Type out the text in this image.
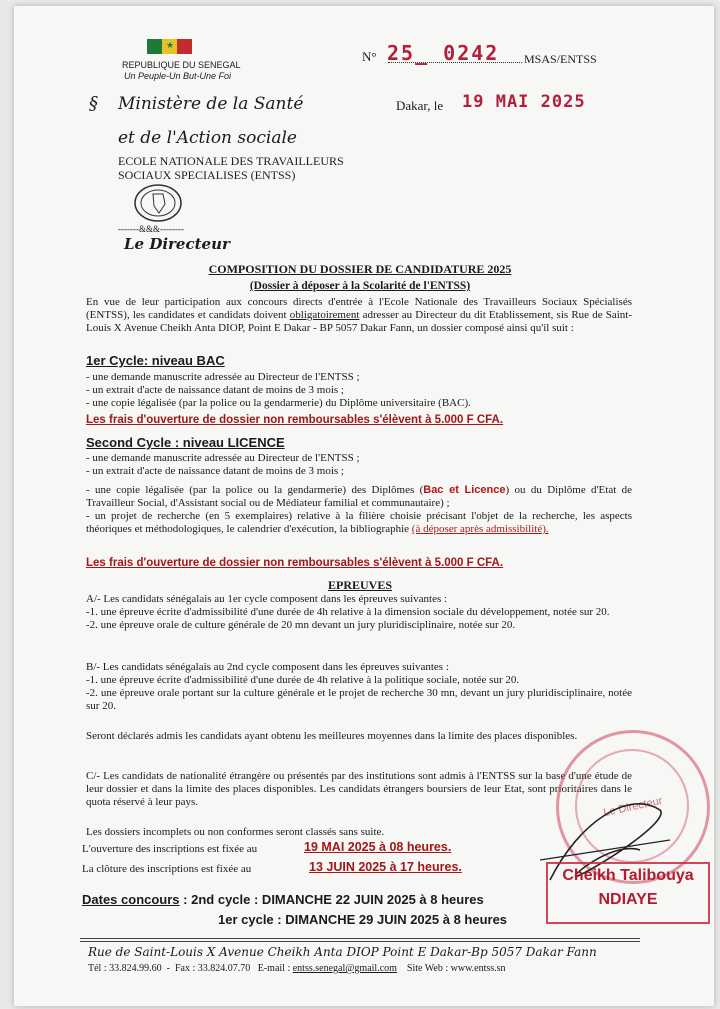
★
REPUBLIQUE DU SENEGAL
Un Peuple-Un But-Une Foi
§ Ministère de la Santé
et de l'Action sociale
ECOLE NATIONALE DES TRAVAILLEURS
SOCIAUX SPECIALISES (ENTSS)
-------&&&--------
Le Directeur
N° 25_ 0242 MSAS/ENTSS
Dakar, le 19 MAI 2025
COMPOSITION DU DOSSIER DE CANDIDATURE 2025
(Dossier à déposer à la Scolarité de l'ENTSS)
En vue de leur participation aux concours directs d'entrée à l'Ecole Nationale des Travailleurs Sociaux Spécialisés (ENTSS), les candidates et candidats doivent obligatoirement adresser au Directeur du dit Etablissement, sis Rue de Saint-Louis X Avenue Cheikh Anta DIOP, Point E Dakar - BP 5057 Dakar Fann, un dossier composé ainsi qu'il suit :
1er Cycle: niveau BAC
- une demande manuscrite adressée au Directeur de l'ENTSS ;
- un extrait d'acte de naissance datant de moins de 3 mois ;
- une copie légalisée (par la police ou la gendarmerie) du Diplôme universitaire (BAC).
Les frais d'ouverture de dossier non remboursables s'élèvent à 5.000 F CFA.
Second Cycle : niveau LICENCE
- une demande manuscrite adressée au Directeur de l'ENTSS ;
- un extrait d'acte de naissance datant de moins de 3 mois ;
- une copie légalisée (par la police ou la gendarmerie) des Diplômes (Bac et Licence) ou du Diplôme d'Etat de Travailleur Social, d'Assistant social ou de Médiateur familial et communautaire) ;
- un projet de recherche (en 5 exemplaires) relative à la filière choisie précisant l'objet de la recherche, les aspects théoriques et méthodologiques, le calendrier d'exécution, la bibliographie (à déposer après admissibilité).
Les frais d'ouverture de dossier non remboursables s'élèvent à 5.000 F CFA.
EPREUVES
A/- Les candidats sénégalais au 1er cycle composent dans les épreuves suivantes :
-1. une épreuve écrite d'admissibilité d'une durée de 4h relative à la dimension sociale du développement, notée sur 20.
-2. une épreuve orale de culture générale de 20 mn devant un jury pluridisciplinaire, notée sur 20.
B/- Les candidats sénégalais au 2nd cycle composent dans les épreuves suivantes :
-1. une épreuve écrite d'admissibilité d'une durée de 4h relative à la politique sociale, notée sur 20.
-2. une épreuve orale portant sur la culture générale et le projet de recherche 30 mn, devant un jury pluridisciplinaire, notée sur 20.
Seront déclarés admis les candidats ayant obtenu les meilleures moyennes dans la limite des places disponibles.
C/- Les candidats de nationalité étrangère ou présentés par des institutions sont admis à l'ENTSS sur la base d'une étude de leur dossier et dans la limite des places disponibles. Les candidats étrangers boursiers de leur Etat, sont prioritaires dans le quota réservé à leur pays.
Les dossiers incomplets ou non conformes seront classés sans suite.
L'ouverture des inscriptions est fixée au	19 MAI 2025 à 08 heures.
La clôture des inscriptions est fixée au	13 JUIN 2025 à 17 heures.
Dates concours : 2nd cycle : DIMANCHE 22 JUIN 2025 à 8 heures
1er cycle : DIMANCHE 29 JUIN 2025 à 8 heures
Le Directeur
Cheikh Talibouya
NDIAYE
Rue de Saint-Louis X Avenue Cheikh Anta DIOP Point E Dakar-Bp 5057 Dakar Fann
Tél : 33.824.99.60  -  Fax : 33.824.07.70 E-mail : entss.senegal@gmail.com Site Web : www.entss.sn
